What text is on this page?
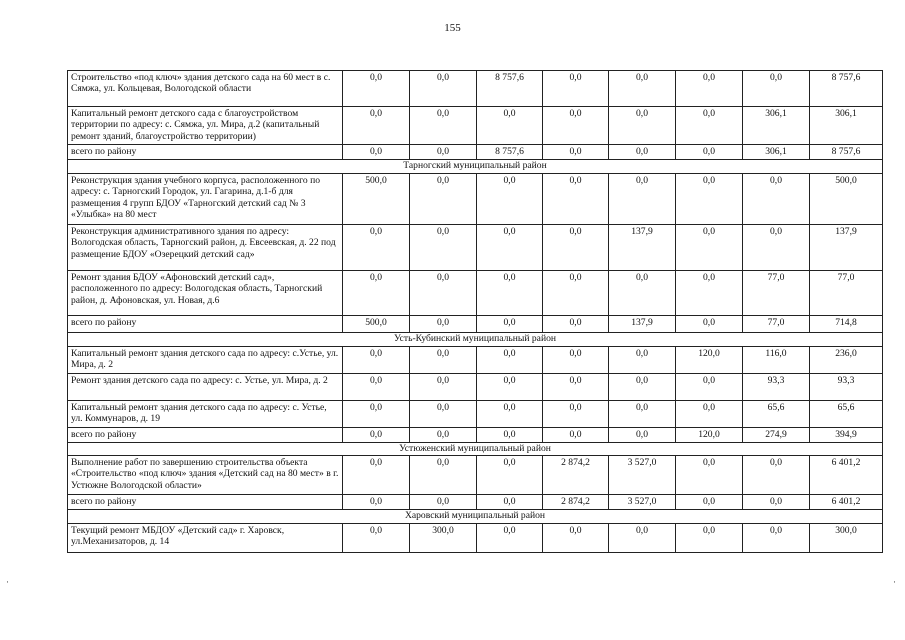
155
Строительство «под ключ» здания детского сада на 60 мест в с. Сямжа, ул. Кольцевая, Вологодской области	0,0	0,0	8 757,6	0,0	0,0	0,0	0,0	8 757,6
Капитальный ремонт детского сада с благоустройством территории по адресу: с. Сямжа, ул. Мира, д.2 (капитальный ремонт зданий, благоустройство территории)	0,0	0,0	0,0	0,0	0,0	0,0	306,1	306,1
всего по району	0,0	0,0	8 757,6	0,0	0,0	0,0	306,1	8 757,6
Тарногский муниципальный район								
Реконструкция здания учебного корпуса, расположенного по адресу: с. Тарногский Городок, ул. Гагарина, д.1-б для размещения 4 групп БДОУ «Тарногский детский сад № 3 «Улыбка» на 80 мест	500,0	0,0	0,0	0,0	0,0	0,0	0,0	500,0
Реконструкция административного здания по адресу: Вологодская область, Тарногский район, д. Евсеевская, д. 22 под размещение БДОУ «Озерецкий детский сад»	0,0	0,0	0,0	0,0	137,9	0,0	0,0	137,9
Ремонт здания БДОУ «Афоновский детский сад», расположенного по адресу: Вологодская область, Тарногский район, д. Афоновская, ул. Новая, д.6	0,0	0,0	0,0	0,0	0,0	0,0	77,0	77,0
всего по району	500,0	0,0	0,0	0,0	137,9	0,0	77,0	714,8
Усть-Кубинский муниципальный район								
Капитальный ремонт здания детского сада по адресу: с.Устье, ул. Мира, д. 2	0,0	0,0	0,0	0,0	0,0	120,0	116,0	236,0
Ремонт здания детского сада по адресу: с. Устье, ул. Мира, д. 2	0,0	0,0	0,0	0,0	0,0	0,0	93,3	93,3
Капитальный ремонт здания детского сада по адресу: с. Устье, ул. Коммунаров, д. 19	0,0	0,0	0,0	0,0	0,0	0,0	65,6	65,6
всего по району	0,0	0,0	0,0	0,0	0,0	120,0	274,9	394,9
Устюженский муниципальный район								
Выполнение работ по завершению строительства объекта «Строительство «под ключ» здания «Детский сад на 80 мест» в г. Устюжне Вологодской области»	0,0	0,0	0,0	2 874,2	3 527,0	0,0	0,0	6 401,2
всего по району	0,0	0,0	0,0	2 874,2	3 527,0	0,0	0,0	6 401,2
Харовский муниципальный район								
Текущий ремонт МБДОУ «Детский сад» г. Харовск, ул.Механизаторов, д. 14	0,0	300,0	0,0	0,0	0,0	0,0	0,0	300,0
·	·
